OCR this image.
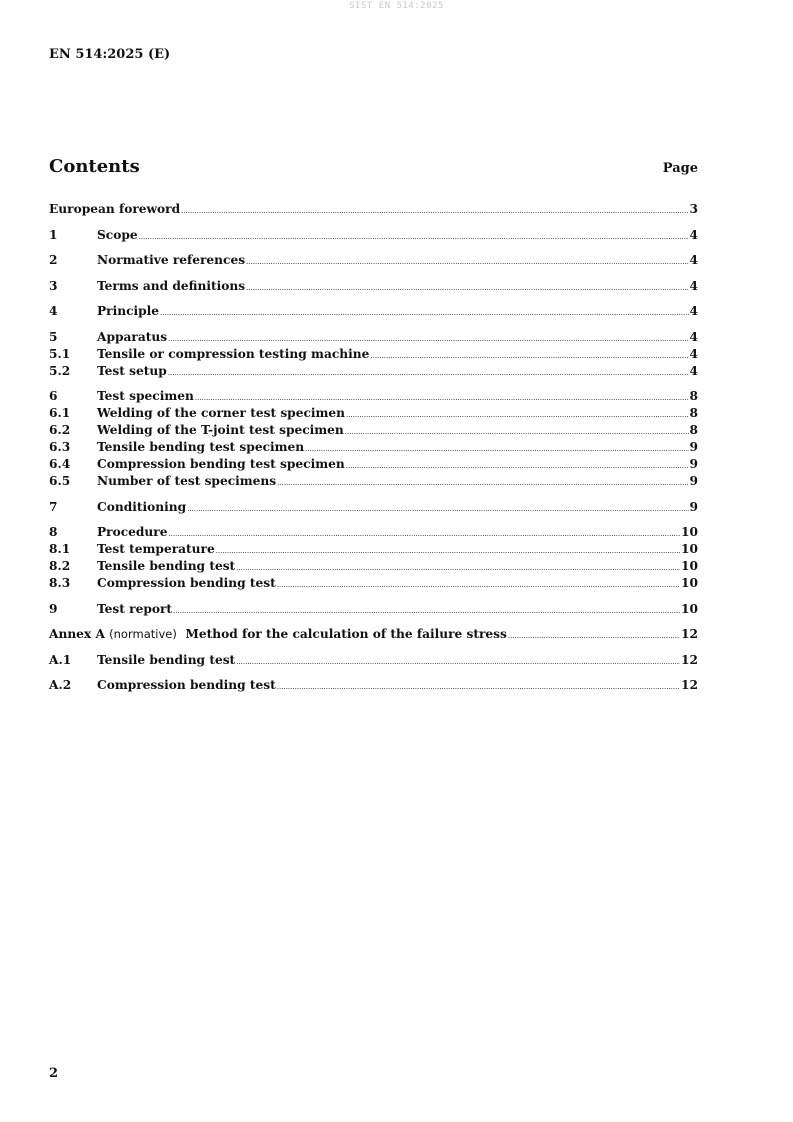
SIST EN 514:2025
EN 514:2025 (E)
Contents	Page
European foreword .....	3
1	Scope .....	4
2	Normative references .....	4
3	Terms and definitions .....	4
4	Principle .....	4
5	Apparatus .....	4
5.1	Tensile or compression testing machine .....	4
5.2	Test setup .....	4
6	Test specimen .....	8
6.1	Welding of the corner test specimen .....	8
6.2	Welding of the T-joint test specimen .....	8
6.3	Tensile bending test specimen .....	9
6.4	Compression bending test specimen .....	9
6.5	Number of test specimens .....	9
7	Conditioning .....	9
8	Procedure .....	10
8.1	Test temperature .....	10
8.2	Tensile bending test .....	10
8.3	Compression bending test .....	10
9	Test report .....	10
Annex A (normative) Method for the calculation of the failure stress .....	12
A.1	Tensile bending test .....	12
A.2	Compression bending test .....	12
2
